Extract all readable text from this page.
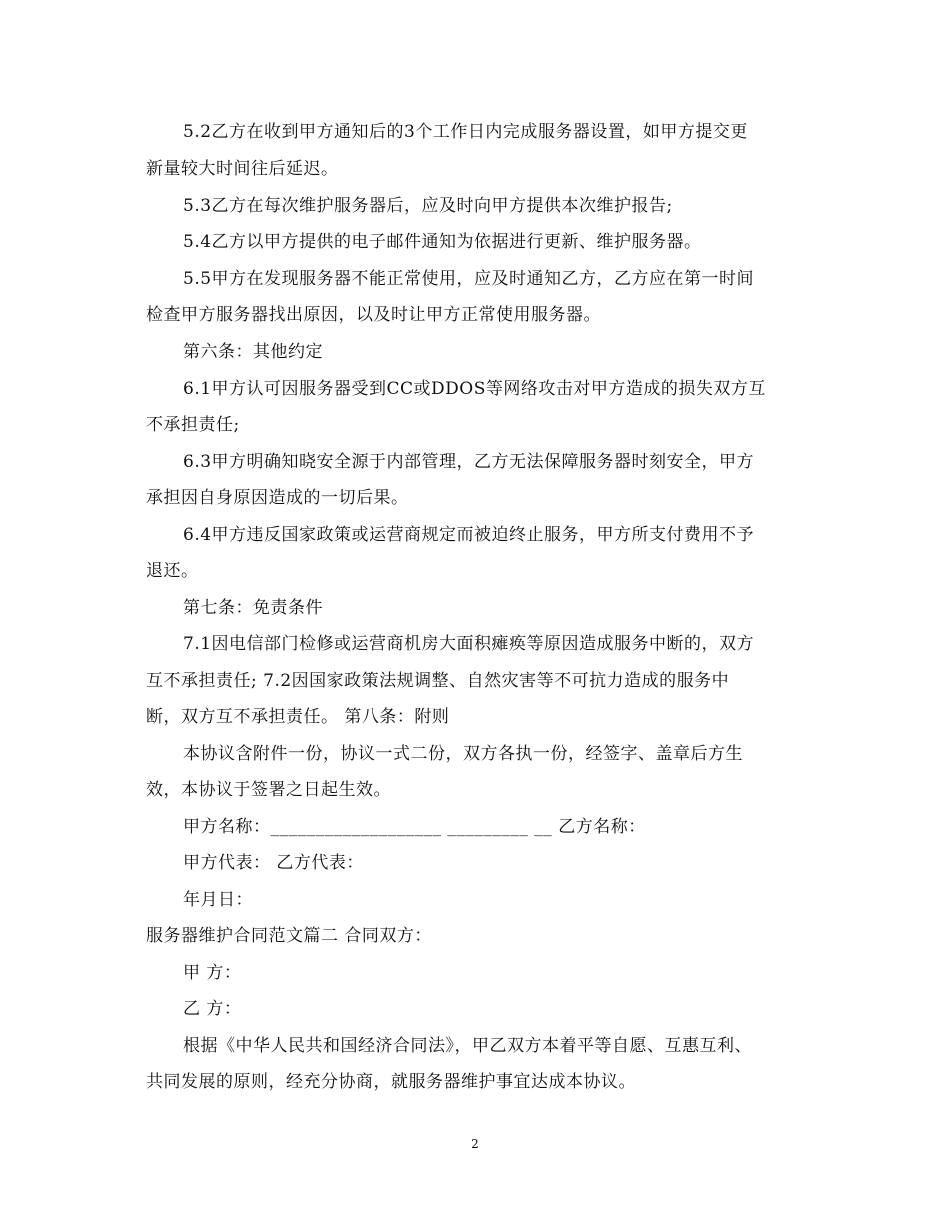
5.2乙方在收到甲方通知后的3个工作日内完成服务器设置，如甲方提交更

新量较大时间往后延迟。

5.3乙方在每次维护服务器后，应及时向甲方提供本次维护报告;

5.4乙方以甲方提供的电子邮件通知为依据进行更新、维护服务器。

5.5甲方在发现服务器不能正常使用，应及时通知乙方，乙方应在第一时间

检查甲方服务器找出原因，以及时让甲方正常使用服务器。

第六条：其他约定

6.1甲方认可因服务器受到CC或DDOS等网络攻击对甲方造成的损失双方互

不承担责任;

6.3甲方明确知晓安全源于内部管理，乙方无法保障服务器时刻安全，甲方

承担因自身原因造成的一切后果。

6.4甲方违反国家政策或运营商规定而被迫终止服务，甲方所支付费用不予

退还。

第七条：免责条件

7.1因电信部门检修或运营商机房大面积瘫痪等原因造成服务中断的，双方

互不承担责任; 7.2因国家政策法规调整、自然灾害等不可抗力造成的服务中

断，双方互不承担责任。 第八条：附则

本协议含附件一份，协议一式二份，双方各执一份，经签字、盖章后方生

效，本协议于签署之日起生效。

甲方名称：___________________ _________ __ 乙方名称：

甲方代表： 乙方代表：

年月日：

服务器维护合同范文篇二 合同双方：

甲 方：

乙 方：

根据《中华人民共和国经济合同法》，甲乙双方本着平等自愿、互惠互利、

共同发展的原则，经充分协商，就服务器维护事宜达成本协议。

2
